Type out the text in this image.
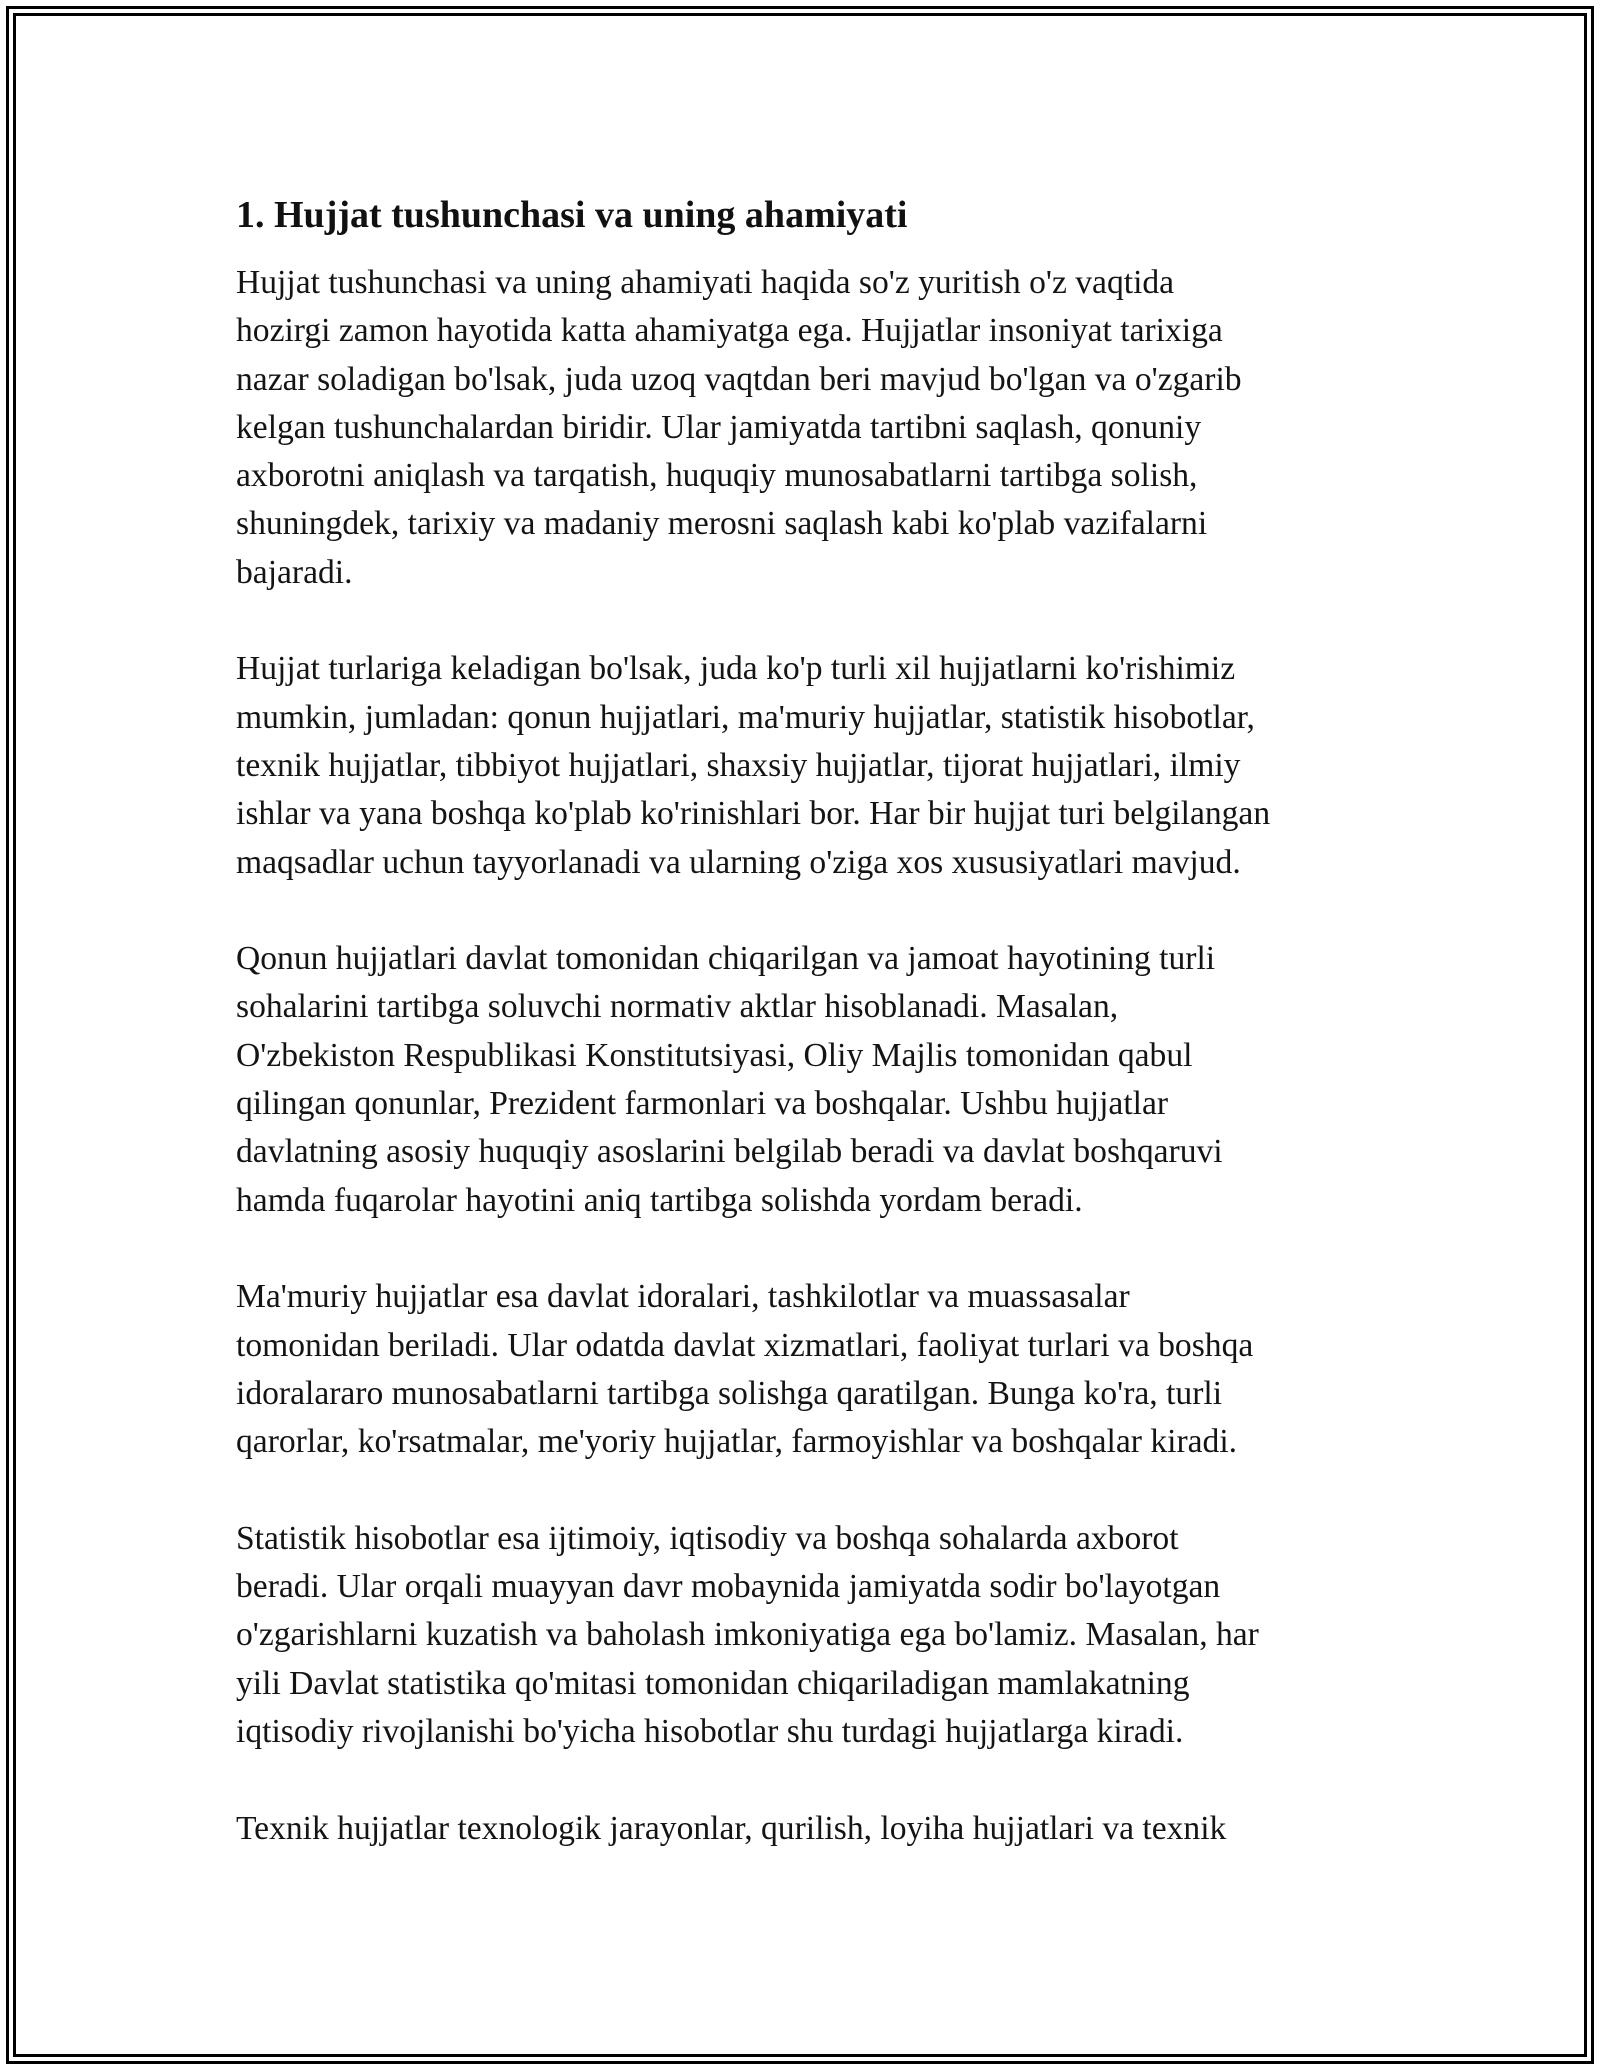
1. Hujjat tushunchasi va uning ahamiyati

Hujjat tushunchasi va uning ahamiyati haqida so'z yuritish o'z vaqtida
hozirgi zamon hayotida katta ahamiyatga ega. Hujjatlar insoniyat tarixiga
nazar soladigan bo'lsak, juda uzoq vaqtdan beri mavjud bo'lgan va o'zgarib
kelgan tushunchalardan biridir. Ular jamiyatda tartibni saqlash, qonuniy
axborotni aniqlash va tarqatish, huquqiy munosabatlarni tartibga solish,
shuningdek, tarixiy va madaniy merosni saqlash kabi ko'plab vazifalarni
bajaradi.

Hujjat turlariga keladigan bo'lsak, juda ko'p turli xil hujjatlarni ko'rishimiz
mumkin, jumladan: qonun hujjatlari, ma'muriy hujjatlar, statistik hisobotlar,
texnik hujjatlar, tibbiyot hujjatlari, shaxsiy hujjatlar, tijorat hujjatlari, ilmiy
ishlar va yana boshqa ko'plab ko'rinishlari bor. Har bir hujjat turi belgilangan
maqsadlar uchun tayyorlanadi va ularning o'ziga xos xususiyatlari mavjud.

Qonun hujjatlari davlat tomonidan chiqarilgan va jamoat hayotining turli
sohalarini tartibga soluvchi normativ aktlar hisoblanadi. Masalan,
O'zbekiston Respublikasi Konstitutsiyasi, Oliy Majlis tomonidan qabul
qilingan qonunlar, Prezident farmonlari va boshqalar. Ushbu hujjatlar
davlatning asosiy huquqiy asoslarini belgilab beradi va davlat boshqaruvi
hamda fuqarolar hayotini aniq tartibga solishda yordam beradi.

Ma'muriy hujjatlar esa davlat idoralari, tashkilotlar va muassasalar
tomonidan beriladi. Ular odatda davlat xizmatlari, faoliyat turlari va boshqa
idoralararo munosabatlarni tartibga solishga qaratilgan. Bunga ko'ra, turli
qarorlar, ko'rsatmalar, me'yoriy hujjatlar, farmoyishlar va boshqalar kiradi.

Statistik hisobotlar esa ijtimoiy, iqtisodiy va boshqa sohalarda axborot
beradi. Ular orqali muayyan davr mobaynida jamiyatda sodir bo'layotgan
o'zgarishlarni kuzatish va baholash imkoniyatiga ega bo'lamiz. Masalan, har
yili Davlat statistika qo'mitasi tomonidan chiqariladigan mamlakatning
iqtisodiy rivojlanishi bo'yicha hisobotlar shu turdagi hujjatlarga kiradi.

Texnik hujjatlar texnologik jarayonlar, qurilish, loyiha hujjatlari va texnik
